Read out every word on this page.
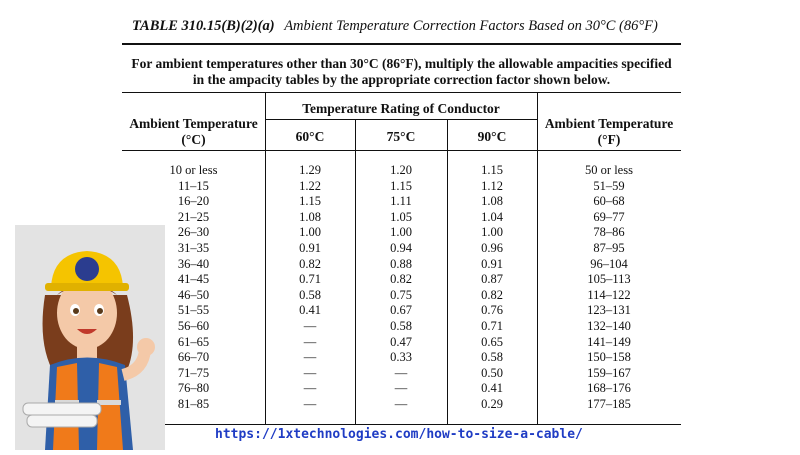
TABLE 310.15(B)(2)(a) Ambient Temperature Correction Factors Based on 30°C (86°F)
For ambient temperatures other than 30°C (86°F), multiply the allowable ampacities specified
in the ampacity tables by the appropriate correction factor shown below.
Ambient Temperature
(°C)
Temperature Rating of Conductor
60°C	75°C	90°C
Ambient Temperature
(°F)
10 or less	1.29	1.20	1.15	50 or less
11–15	1.22	1.15	1.12	51–59
16–20	1.15	1.11	1.08	60–68
21–25	1.08	1.05	1.04	69–77
26–30	1.00	1.00	1.00	78–86
31–35	0.91	0.94	0.96	87–95
36–40	0.82	0.88	0.91	96–104
41–45	0.71	0.82	0.87	105–113
46–50	0.58	0.75	0.82	114–122
51–55	0.41	0.67	0.76	123–131
56–60	—	0.58	0.71	132–140
61–65	—	0.47	0.65	141–149
66–70	—	0.33	0.58	150–158
71–75	—	—	0.50	159–167
76–80	—	—	0.41	168–176
81–85	—	—	0.29	177–185
https://1xtechnologies.com/how-to-size-a-cable/
